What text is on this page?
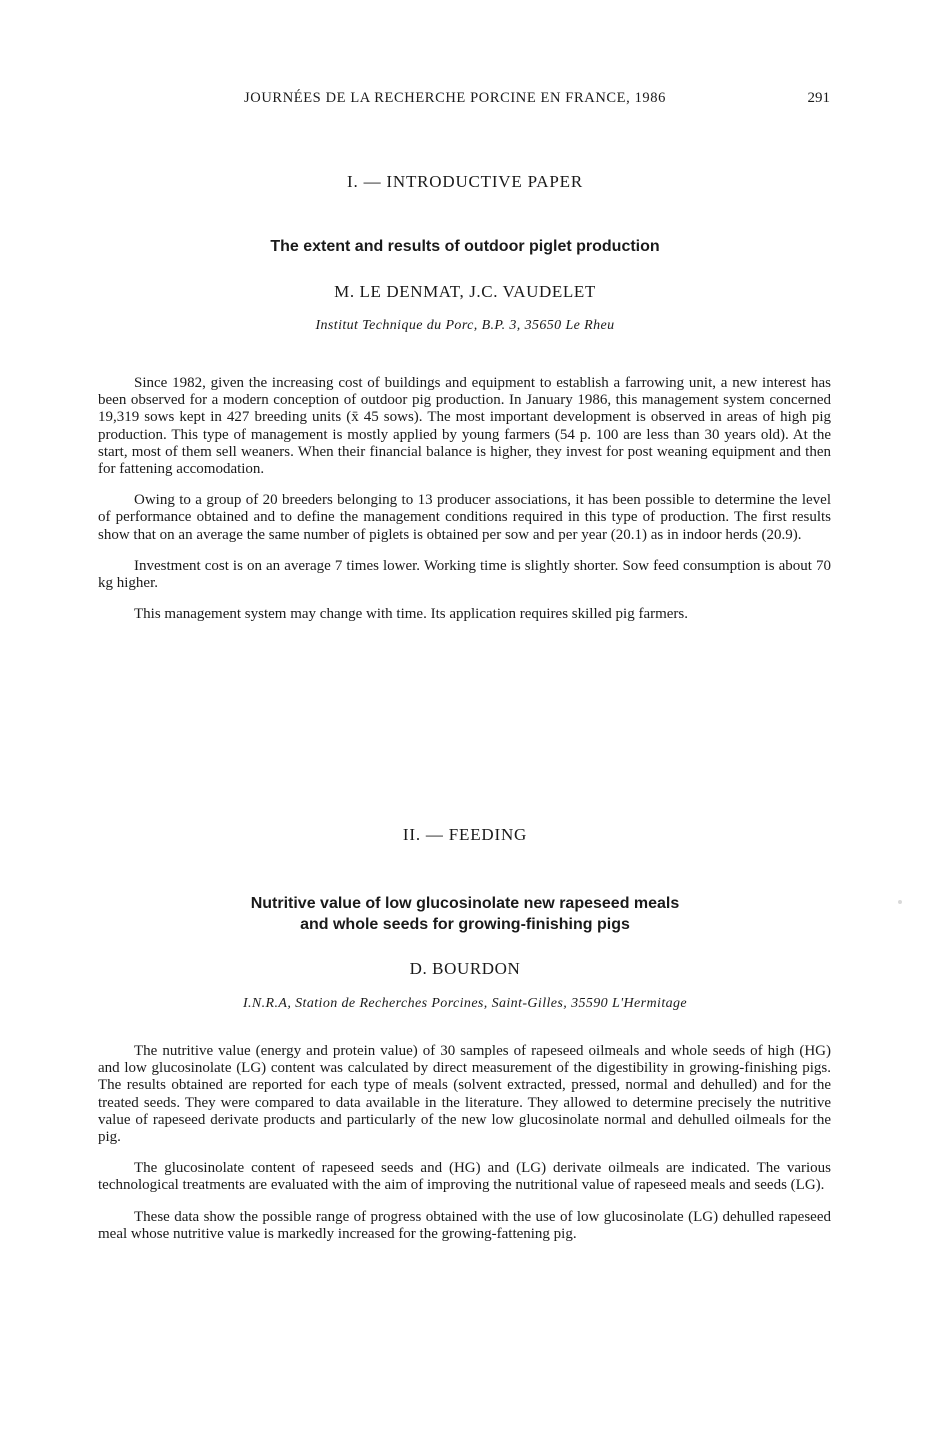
JOURNÉES DE LA RECHERCHE PORCINE EN FRANCE, 1986	291
I. — INTRODUCTIVE PAPER
The extent and results of outdoor piglet production
M. LE DENMAT, J.C. VAUDELET
Institut Technique du Porc, B.P. 3, 35650 Le Rheu

Since 1982, given the increasing cost of buildings and equipment to establish a farrowing unit, a new interest has been observed for a modern conception of outdoor pig production. In January 1986, this management system concerned 19,319 sows kept in 427 breeding units (x̄ 45 sows). The most important development is observed in areas of high pig production. This type of management is mostly applied by young farmers (54 p. 100 are less than 30 years old). At the start, most of them sell weaners. When their financial balance is higher, they invest for post weaning equipment and then for fattening accomodation.

Owing to a group of 20 breeders belonging to 13 producer associations, it has been possible to determine the level of performance obtained and to define the management conditions required in this type of production. The first results show that on an average the same number of piglets is obtained per sow and per year (20.1) as in indoor herds (20.9).

Investment cost is on an average 7 times lower. Working time is slightly shorter. Sow feed consumption is about 70 kg higher.

This management system may change with time. Its application requires skilled pig farmers.

II. — FEEDING
Nutritive value of low glucosinolate new rapeseed meals
and whole seeds for growing-finishing pigs
D. BOURDON
I.N.R.A, Station de Recherches Porcines, Saint-Gilles, 35590 L'Hermitage

The nutritive value (energy and protein value) of 30 samples of rapeseed oilmeals and whole seeds of high (HG) and low glucosinolate (LG) content was calculated by direct measurement of the digestibility in growing-finishing pigs. The results obtained are reported for each type of meals (solvent extracted, pressed, normal and dehulled) and for the treated seeds. They were compared to data available in the literature. They allowed to determine precisely the nutritive value of rapeseed derivate products and particularly of the new low glucosinolate normal and dehulled oilmeals for the pig.

The glucosinolate content of rapeseed seeds and (HG) and (LG) derivate oilmeals are indicated. The various technological treatments are evaluated with the aim of improving the nutritional value of rapeseed meals and seeds (LG).

These data show the possible range of progress obtained with the use of low glucosinolate (LG) dehulled rapeseed meal whose nutritive value is markedly increased for the growing-fattening pig.
